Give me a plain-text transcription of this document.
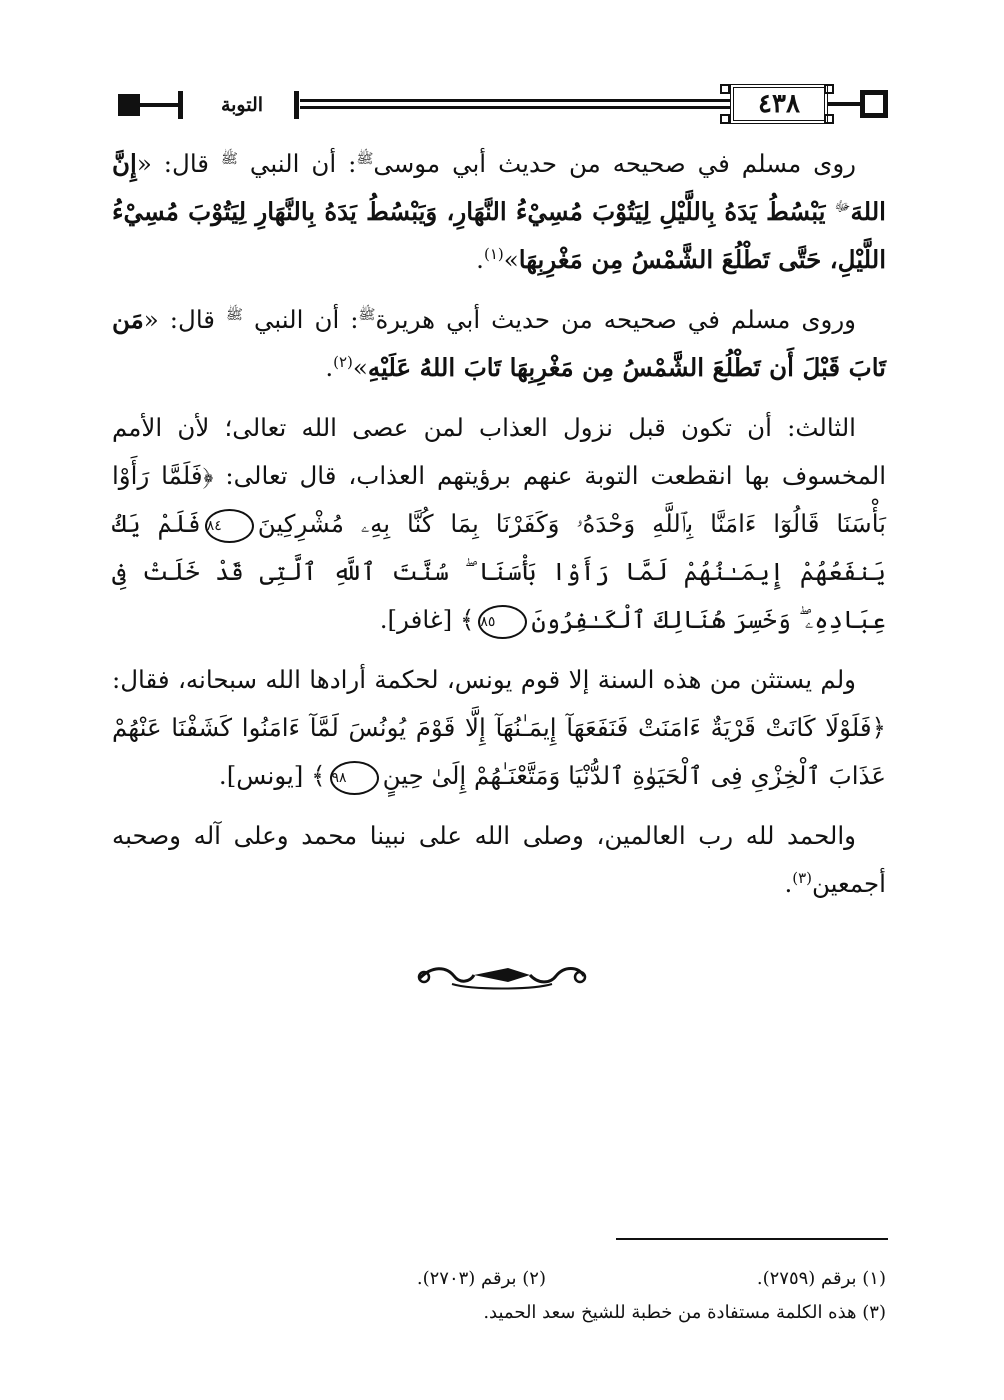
التوبة	٤٣٨

روى مسلم في صحيحه من حديث أبي موسى$^ﷺ$: أن النبي $^ﷺ$ قال: «إِنَّ اللهَ$^ﷻ$ يَبْسُطُ يَدَهُ بِاللَّيْلِ لِيَتُوْبَ مُسِيْءُ النَّهَارِ، وَيَبْسُطُ يَدَهُ بِالنَّهَارِ لِيَتُوْبَ مُسِيْءُ اللَّيْلِ، حَتَّى تَطْلُعَ الشَّمْسُ مِن مَغْرِبِهَا»$^{(١)}$.

وروى مسلم في صحيحه من حديث أبي هريرة$^ﷺ$: أن النبي $^ﷺ$ قال: «مَن تَابَ قَبْلَ أَن تَطْلُعَ الشَّمْسُ مِن مَغْرِبِهَا تَابَ اللهُ عَلَيْهِ»$^{(٢)}$.

الثالث: أن تكون قبل نزول العذاب لمن عصى الله تعالى؛ لأن الأمم المخسوف بها انقطعت التوبة عنهم برؤيتهم العذاب، قال تعالى: ﴿فَلَمَّا رَأَوْا بَأْسَنَا قَالُوٓا ءَامَنَّا بِٱللَّهِ وَحْدَهُۥ وَكَفَرْنَا بِمَا كُنَّا بِهِۦ مُشْرِكِينَ٨٤فَلَمْ يَكُ يَنفَعُهُمْ إِيمَـٰنُهُمْ لَمَّا رَأَوْا بَأْسَنَا ۖ سُنَّتَ ٱللَّهِ ٱلَّتِى قَدْ خَلَتْ فِى عِبَادِهِۦ ۖ وَخَسِرَ هُنَالِكَ ٱلْكَـٰفِرُونَ٨٥﴾ [غافر].

ولم يستثن من هذه السنة إلا قوم يونس، لحكمة أرادها الله سبحانه، فقال: ﴿فَلَوْلَا كَانَتْ قَرْيَةٌ ءَامَنَتْ فَنَفَعَهَآ إِيمَـٰنُهَآ إِلَّا قَوْمَ يُونُسَ لَمَّآ ءَامَنُوا كَشَفْنَا عَنْهُمْ عَذَابَ ٱلْخِزْىِ فِى ٱلْحَيَوٰةِ ٱلدُّنْيَا وَمَتَّعْنَـٰهُمْ إِلَىٰ حِينٍ٩٨﴾ [يونس].

والحمد لله رب العالمين، وصلى الله على نبينا محمد وعلى آله وصحبه أجمعين$^{(٣)}$.

(١) برقم (٢٧٥٩).
(٢) برقم (٢٧٠٣).
(٣) هذه الكلمة مستفادة من خطبة للشيخ سعد الحميد.
